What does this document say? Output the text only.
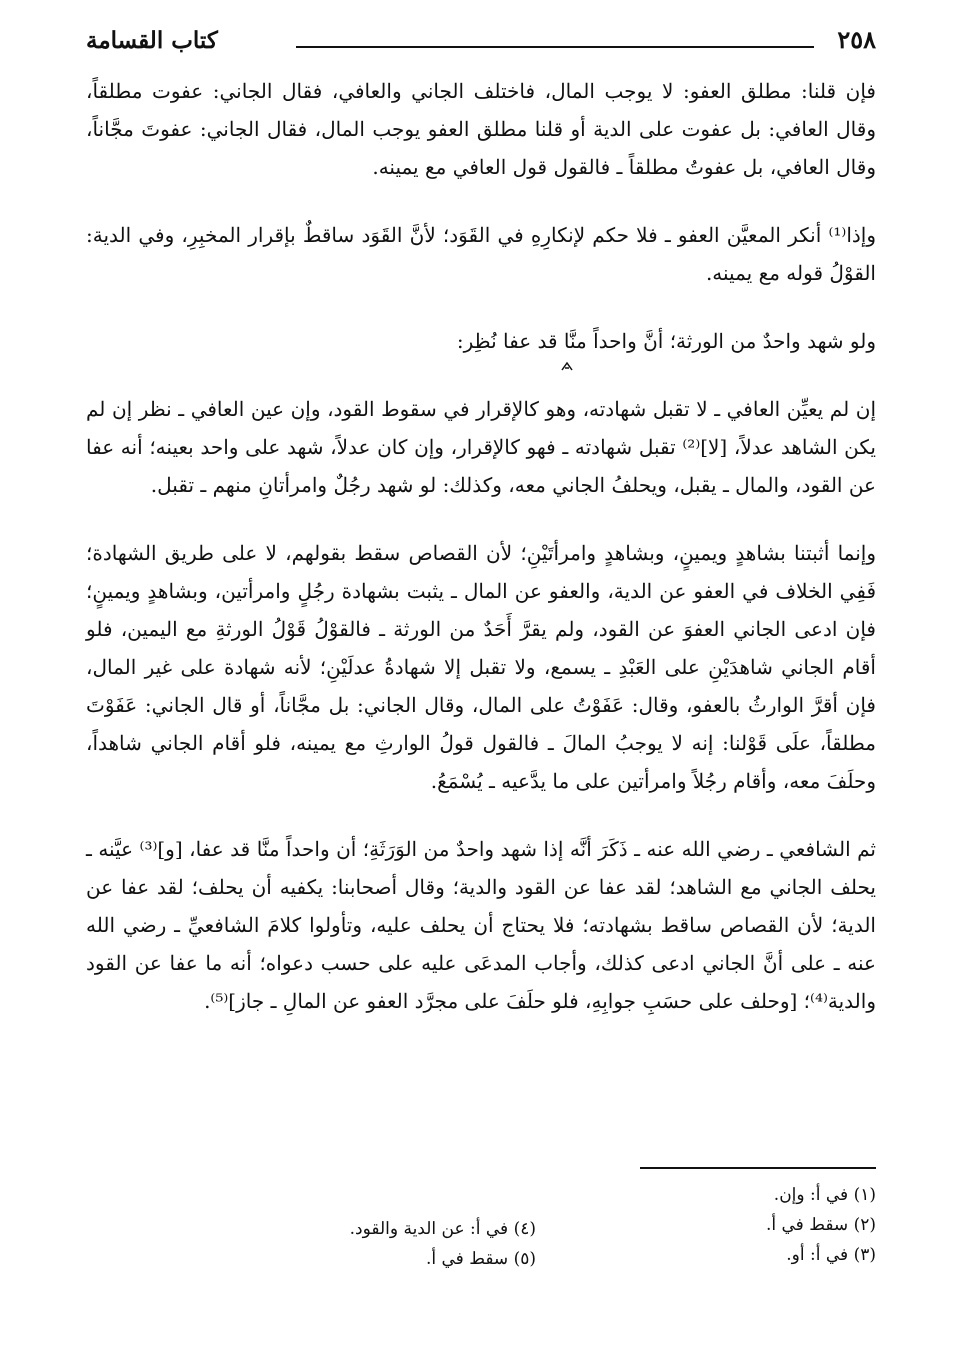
٢٥٨
كتاب القسامة

فإن قلنا: مطلق العفو: لا يوجب المال، فاختلف الجاني والعافي، فقال الجاني: عفوت مطلقاً، وقال العافي: بل عفوت على الدية أو قلنا مطلق العفو يوجب المال، فقال الجاني: عفوتَ مجَّاناً، وقال العافي، بل عفوتُ مطلقاً ـ فالقول قول العافي مع يمينه.

وإذا⁽¹⁾ أنكر المعيَّن العفو ـ فلا حكم لإنكارِهِ في القَوَد؛ لأنَّ القَوَد ساقطٌ بإقرار المخبِرِ، وفي الدية: القوْلُ قوله مع يمينه.

ولو شهد واحدٌ من الورثة؛ أنَّ واحداً منَّا قد عفا نُظِر:

إن لم يعيِّن العافي ـ لا تقبل شهادته، وهو كالإقرار في سقوط القود، وإن عين العافي ـ نظر إن لم يكن الشاهد عدلاً، [لا]⁽²⁾ تقبل شهادته ـ فهو كالإقرار، وإن كان عدلاً، شهد على واحد بعينه؛ أنه عفا عن القود، والمال ـ يقبل، ويحلفُ الجاني معه، وكذلك: لو شهد رجُلٌ وامرأتانِ منهم ـ تقبل.

وإنما أثبتنا بشاهدٍ ويمينٍ، وبشاهدٍ وامرأتَيْنِ؛ لأن القصاص سقط بقولهم، لا على طريق الشهادة؛ فَفِي الخلاف في العفو عن الدية، والعفو عن المال ـ يثبت بشهادة رجُلٍ وامرأتين، وبشاهدٍ ويمينٍ؛ فإن ادعى الجاني العفوَ عن القود، ولم يقرَّ أَحَدٌ من الورثة ـ فالقوْلُ قَوْلُ الورثةِ مع اليمين، فلو أقام الجاني شاهدَيْنِ على العَبْدِ ـ يسمع، ولا تقبل إلا شهادةُ عدلَيْنِ؛ لأنه شهادة على غير المال، فإن أقرَّ الوارثُ بالعفو، وقال: عَفَوْتُ على المال، وقال الجاني: بل مجَّاناً، أو قال الجاني: عَفَوْتَ مطلقاً، علَى قَوْلنا: إنه لا يوجبُ المالَ ـ فالقول قولُ الوارثِ مع يمينه، فلو أقام الجاني شاهداً، وحلَفَ معه، وأقام رجُلاً وامرأتين على ما يدَّعيه ـ يُسْمَعُ.

ثم الشافعي ـ رضي الله عنه ـ ذَكَرَ أنَّه إذا شهد واحدٌ من الوَرَثَةِ؛ أن واحداً منَّا قد عفا، [و]⁽³⁾ عيَّنه ـ يحلف الجاني مع الشاهد؛ لقد عفا عن القود والدية؛ وقال أصحابنا: يكفيه أن يحلف؛ لقد عفا عن الدية؛ لأن القصاص ساقط بشهادته؛ فلا يحتاج أن يحلف عليه، وتأولوا كلامَ الشافعيِّ ـ رضي الله عنه ـ على أنَّ الجاني ادعى كذلك، وأجاب المدعَى عليه على حسب دعواه؛ أنه ما عفا عن القود والدية⁽⁴⁾؛ [وحلف على حسَبِ جوابِهِ، فلو حلَفَ على مجرَّد العفو عن المالِ ـ جاز]⁽⁵⁾.

(١) في أ: وإن.
(٢) سقط في أ.
(٣) في أ: أو.
(٤) في أ: عن الدية والقود.
(٥) سقط في أ.
